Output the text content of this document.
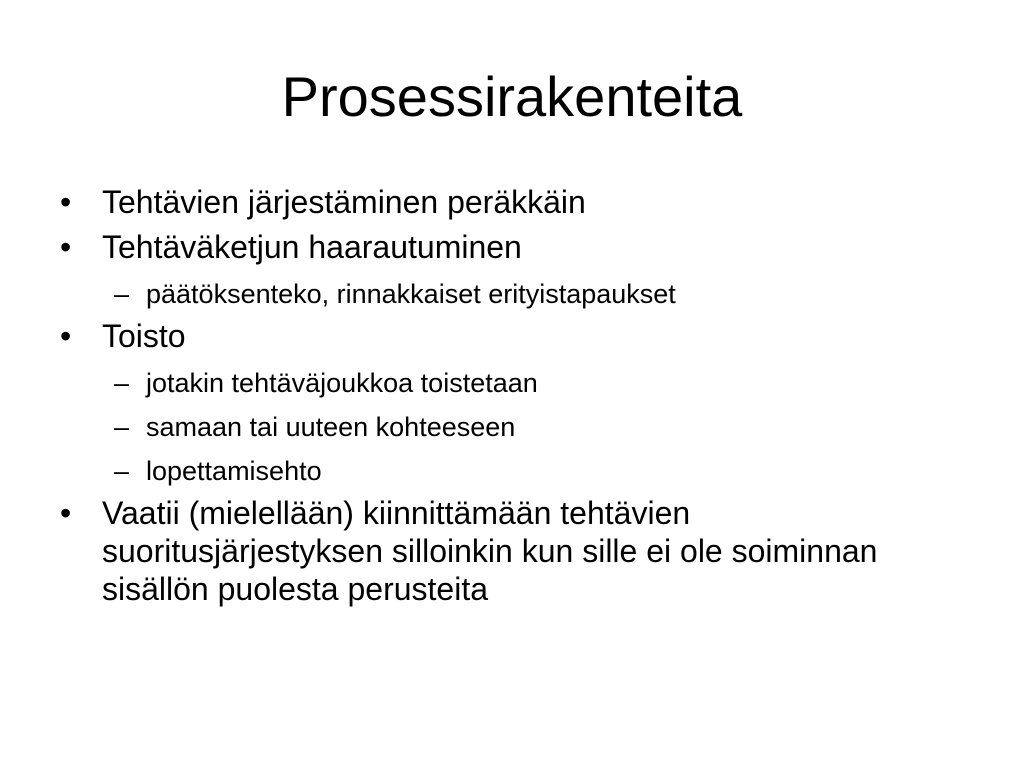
Prosessirakenteita
• Tehtävien järjestäminen peräkkäin
• Tehtäväketjun haarautuminen
– päätöksenteko, rinnakkaiset erityistapaukset
• Toisto
– jotakin tehtäväjoukkoa toistetaan
– samaan tai uuteen kohteeseen
– lopettamisehto
• Vaatii (mielellään) kiinnittämään tehtävien suoritusjärjestyksen silloinkin kun sille ei ole soiminnan sisällön puolesta perusteita
